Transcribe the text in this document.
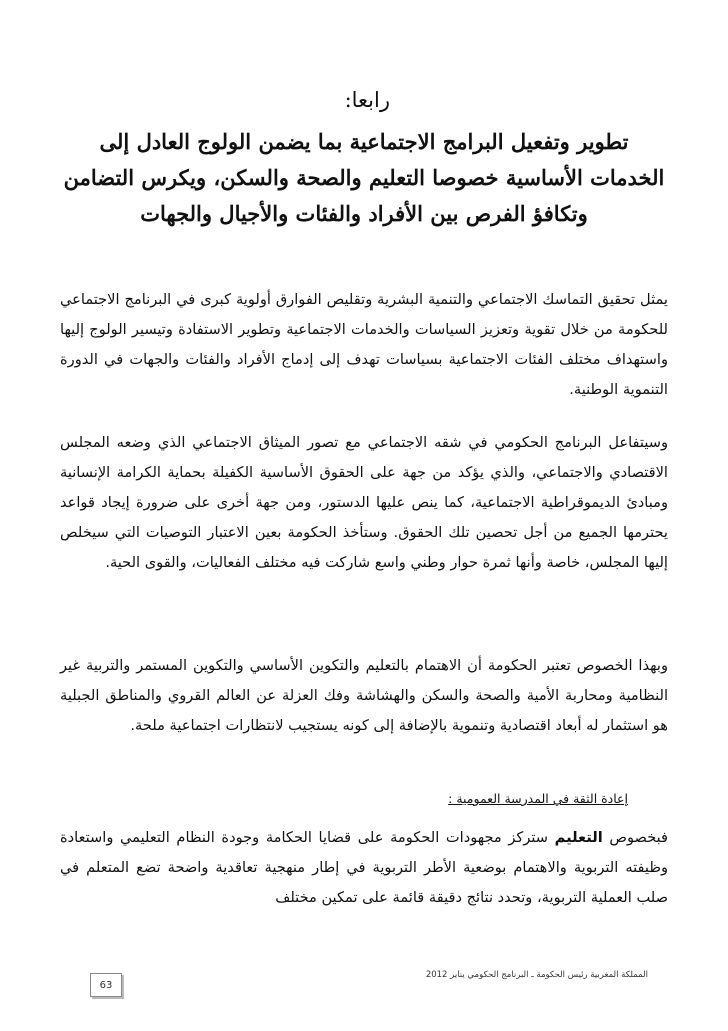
رابعا:
تطوير وتفعيل البرامج الاجتماعية بما يضمن الولوج العادل إلى الخدمات الأساسية خصوصا التعليم والصحة والسكن، ويكرس التضامن وتكافؤ الفرص بين الأفراد والفئات والأجيال والجهات

يمثل تحقيق التماسك الاجتماعي والتنمية البشرية وتقليص الفوارق أولوية كبرى في البرنامج الاجتماعي للحكومة من خلال تقوية وتعزيز السياسات والخدمات الاجتماعية وتطوير الاستفادة وتيسير الولوج إليها واستهداف مختلف الفئات الاجتماعية بسياسات تهدف إلى إدماج الأفراد والفئات والجهات في الدورة التنموية الوطنية.

وسيتفاعل البرنامج الحكومي في شقه الاجتماعي مع تصور الميثاق الاجتماعي الذي وضعه المجلس الاقتصادي والاجتماعي، والذي يؤكد من جهة على الحقوق الأساسية الكفيلة بحماية الكرامة الإنسانية ومبادئ الديموقراطية الاجتماعية، كما ينص عليها الدستور، ومن جهة أخرى على ضرورة إيجاد قواعد يحترمها الجميع من أجل تحصين تلك الحقوق. وستأخذ الحكومة بعين الاعتبار التوصيات التي سيخلص إليها المجلس، خاصة وأنها ثمرة حوار وطني واسع شاركت فيه مختلف الفعاليات، والقوى الحية.

وبهذا الخصوص تعتبر الحكومة أن الاهتمام بالتعليم والتكوين الأساسي والتكوين المستمر والتربية غير النظامية ومحاربة الأمية والصحة والسكن والهشاشة وفك العزلة عن العالم القروي والمناطق الجبلية هو استثمار له أبعاد اقتصادية وتنموية بالإضافة إلى كونه يستجيب لانتظارات اجتماعية ملحة.

إعادة الثقة في المدرسة العمومية :

فبخصوص التعليم ستركز مجهودات الحكومة على قضايا الحكامة وجودة النظام التعليمي واستعادة وظيفته التربوية والاهتمام بوضعية الأطر التربوية في إطار منهجية تعاقدية واضحة تضع المتعلم في صلب العملية التربوية، وتحدد نتائج دقيقة قائمة على تمكين مختلف

المملكة المغربية رئيس الحكومة ـ البرنامج الحكومي يناير 2012
63
